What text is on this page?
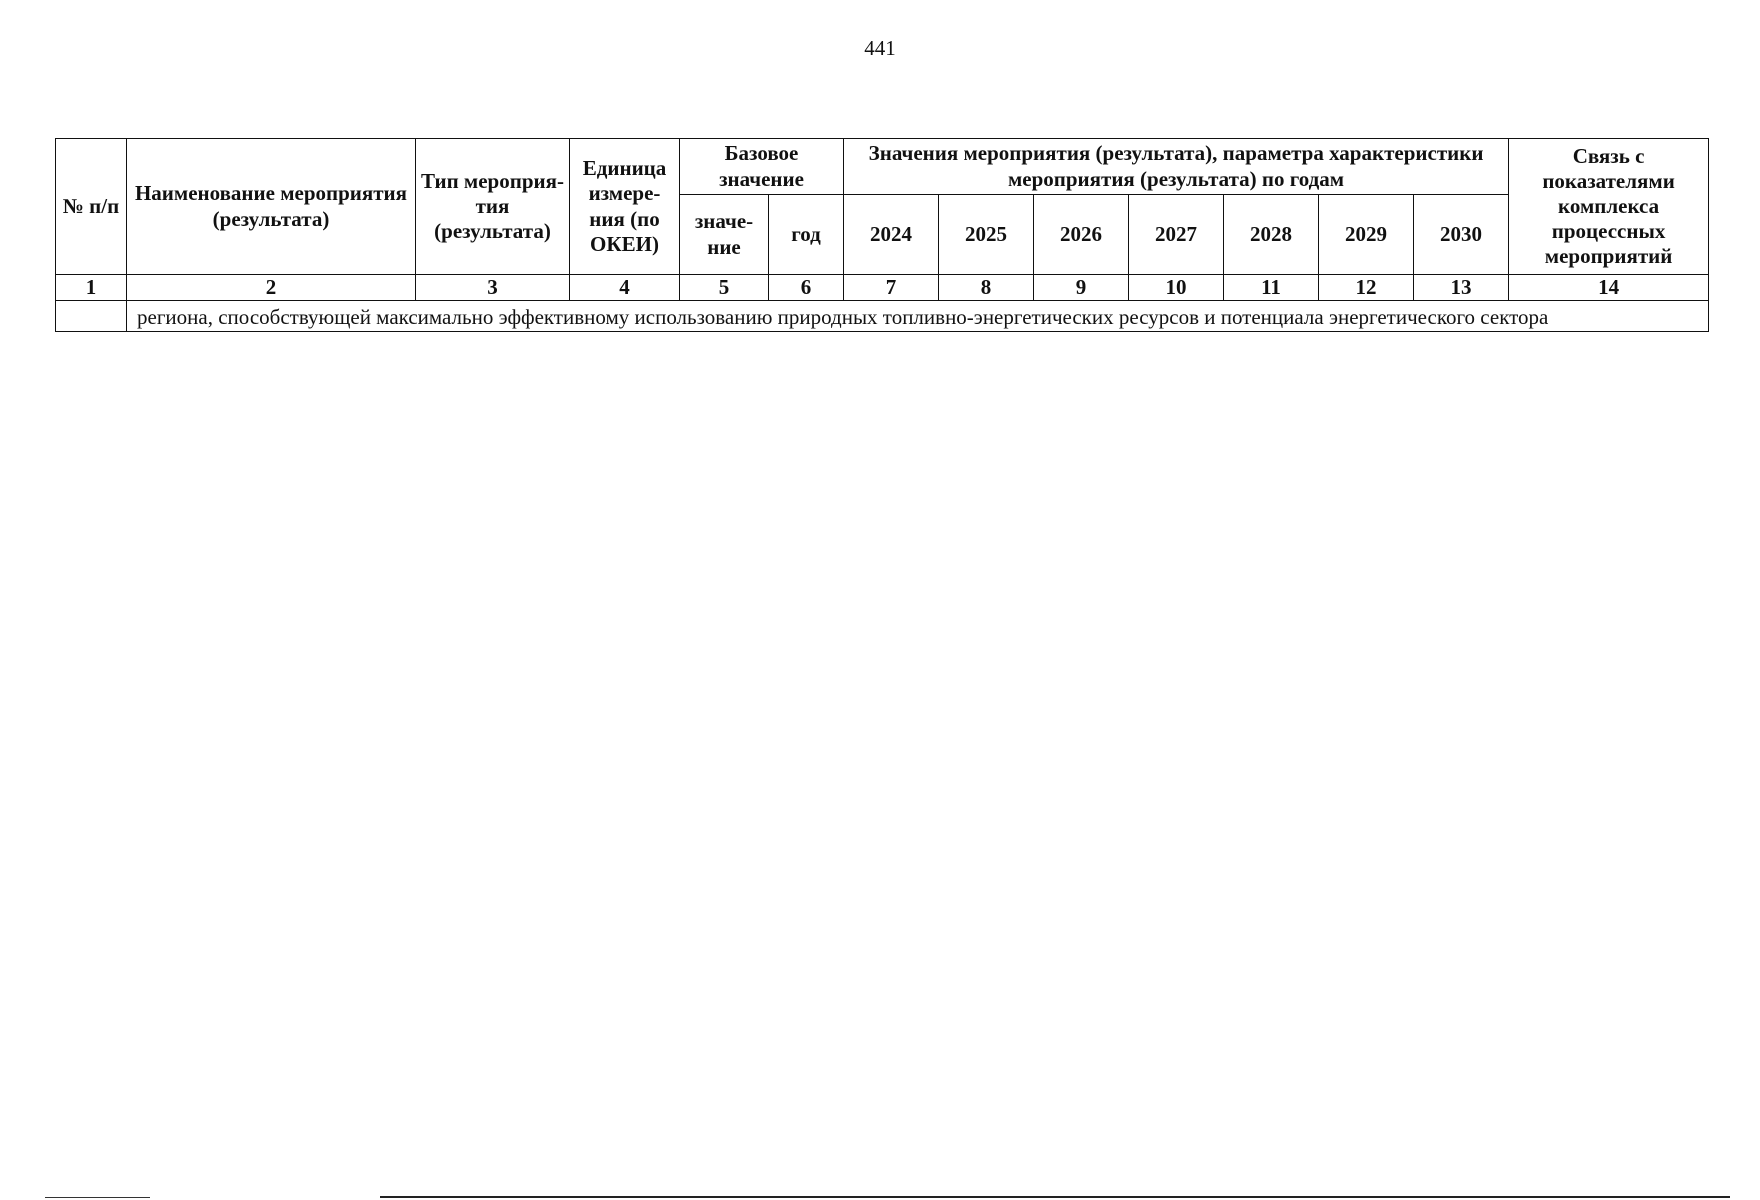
441
№ п/п	Наименование мероприятия (результата)	Тип мероприя-тия (результата)	Единица измере-ния (по ОКЕИ)	Базовое значение		Значения мероприятия (результата), параметра характеристики мероприятия (результата) по годам							Связь с показателями комплекса процессных мероприятий
				значе-ние	год	2024	2025	2026	2027	2028	2029	2030	
1	2	3	4	5	6	7	8	9	10	11	12	13	14
	региона, способствующей максимально эффективному использованию природных топливно-энергетических ресурсов и потенциала энергетического сектора												
